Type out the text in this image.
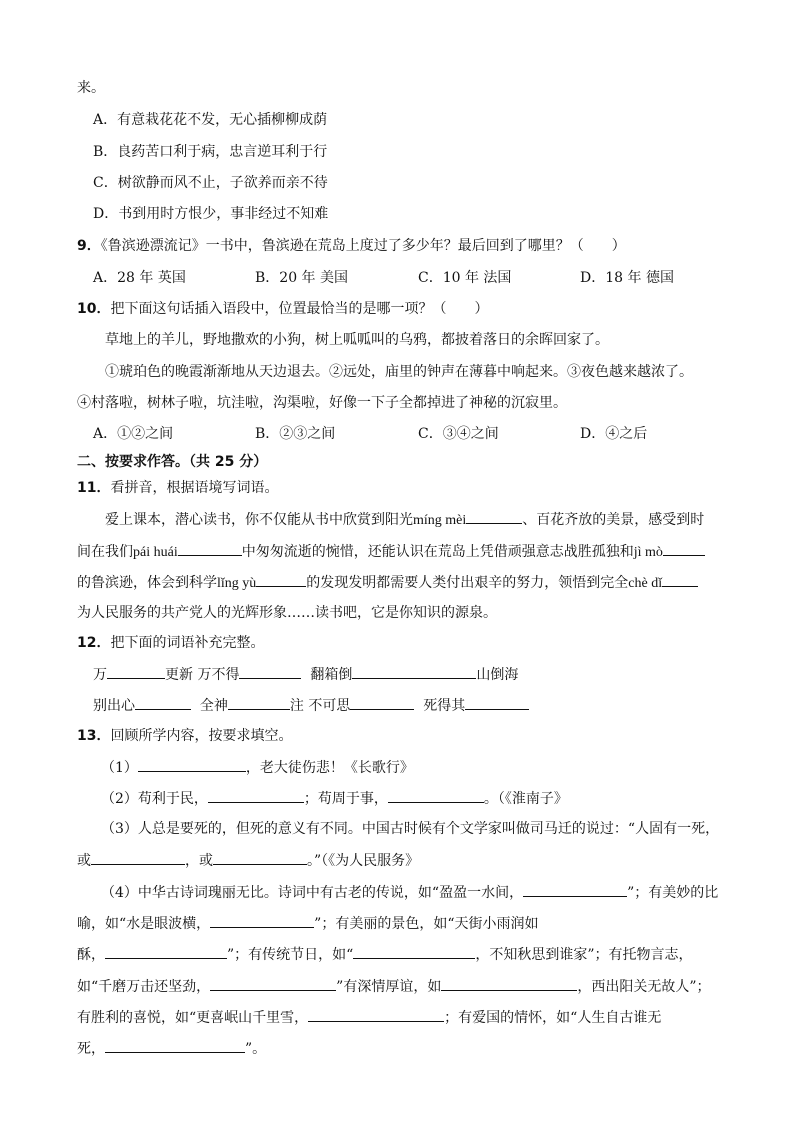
来。
A．有意栽花花不发，无心插柳柳成荫
B．良药苦口利于病，忠言逆耳利于行
C．树欲静而风不止，子欲养而亲不待
D．书到用时方恨少，事非经过不知难
9．《鲁滨逊漂流记》一书中，鲁滨逊在荒岛上度过了多少年？最后回到了哪里？（　　）
A．28 年 英国	B．20 年 美国	C．10 年 法国	D．18 年 德国
10．把下面这句话插入语段中，位置最恰当的是哪一项？（　　）
草地上的羊儿，野地撒欢的小狗，树上呱呱叫的乌鸦，都披着落日的余晖回家了。
①琥珀色的晚霞渐渐地从天边退去。②远处，庙里的钟声在薄暮中响起来。③夜色越来越浓了。
④村落啦，树林子啦，坑洼啦，沟渠啦，好像一下子全都掉进了神秘的沉寂里。
A．①②之间	B．②③之间	C．③④之间	D．④之后
二、按要求作答。（共 25 分）
11．看拼音，根据语境写词语。
爱上课本，潜心读书，你不仅能从书中欣赏到阳光míng mèi	、百花齐放的美景，感受到时
间在我们pái huái	中匆匆流逝的惋惜，还能认识在荒岛上凭借顽强意志战胜孤独和jì mò
的鲁滨逊，体会到科学lǐng yù	的发现发明都需要人类付出艰辛的努力，领悟到完全chè dǐ
为人民服务的共产党人的光辉形象……读书吧，它是你知识的源泉。
12．把下面的词语补充完整。
万	更新 万不得	翻箱倒	山倒海
别出心	全神	注 不可思	死得其
13．回顾所学内容，按要求填空。
（1）	，老大徒伤悲！《长歌行》
（2）苟利于民，	；苟周于事，	。（《淮南子》
（3）人总是要死的，但死的意义有不同。中国古时候有个文学家叫做司马迁的说过：“人固有一死，
或	，或	。”（《为人民服务》
（4）中华古诗词瑰丽无比。诗词中有古老的传说，如“盈盈一水间，	”；有美妙的比
喻，如“水是眼波横，	”；有美丽的景色，如“天街小雨润如
酥，	”；有传统节日，如“	，不知秋思到谁家”；有托物言志，
如“千磨万击还坚劲，	”有深情厚谊，如	，西出阳关无故人”；
有胜利的喜悦，如“更喜岷山千里雪，	；有爱国的情怀，如“人生自古谁无
死，	”。
